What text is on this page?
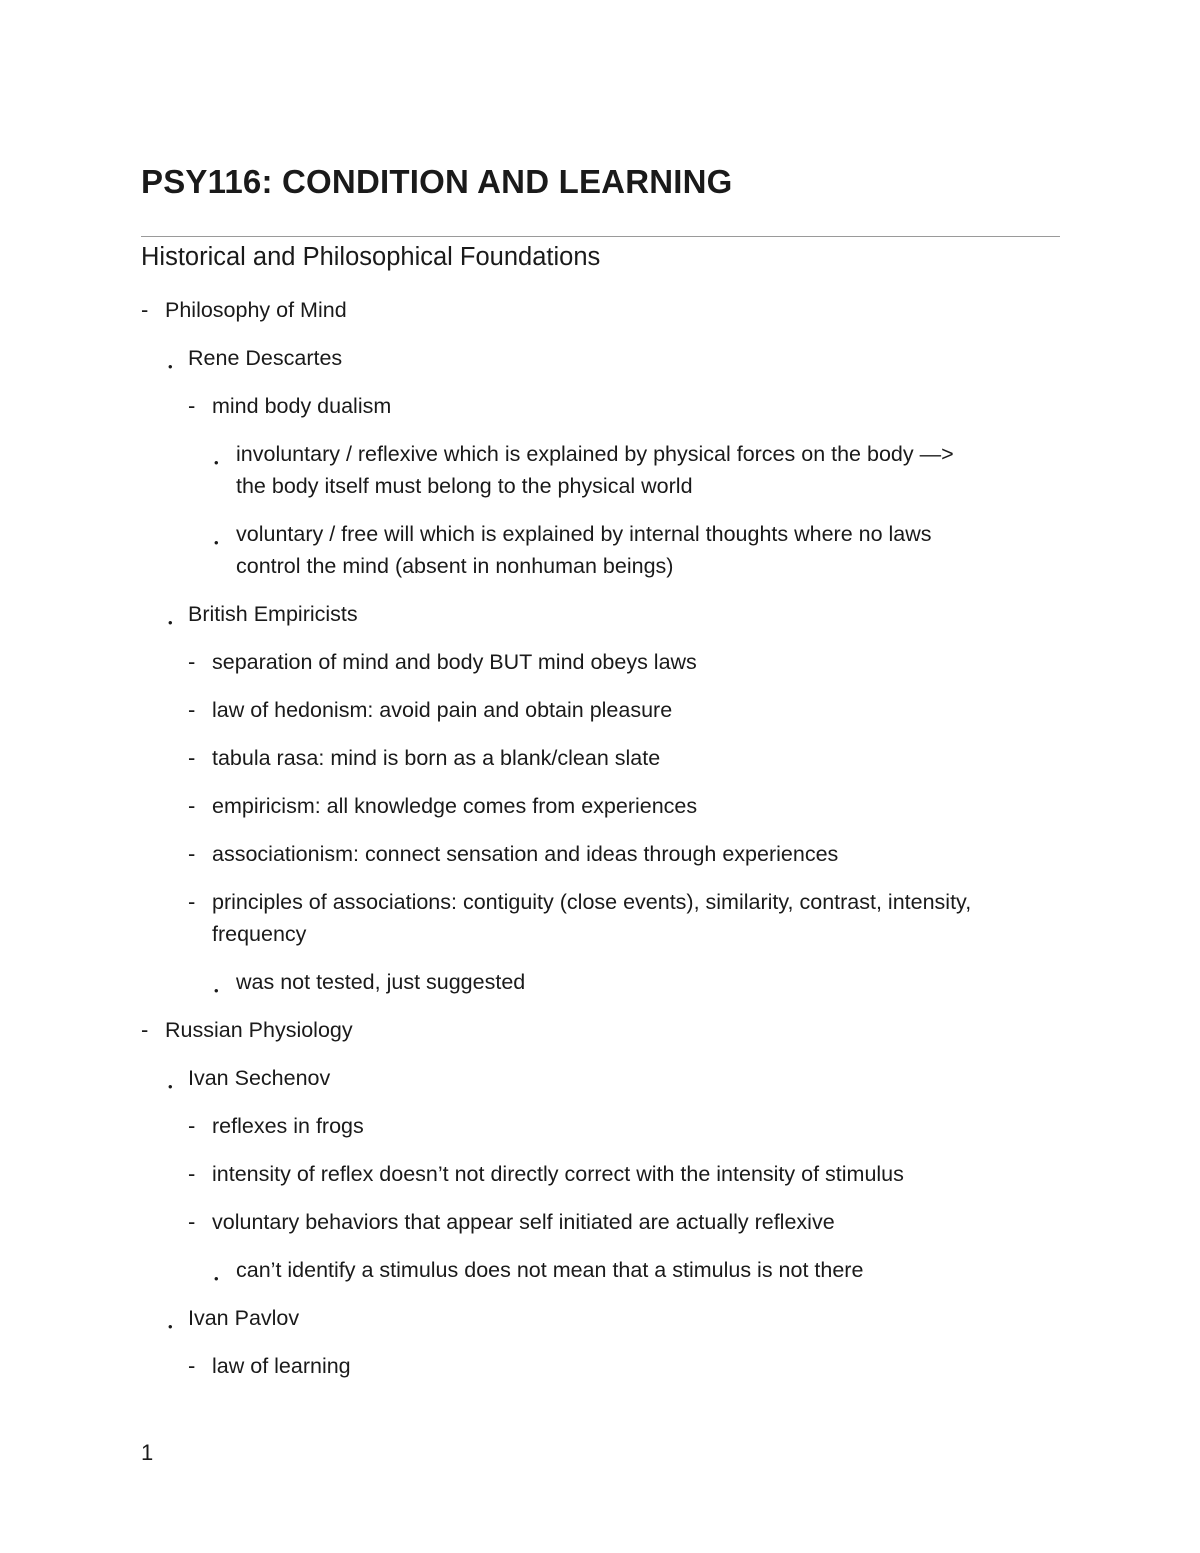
PSY116: CONDITION AND LEARNING
Historical and Philosophical Foundations
- Philosophy of Mind
• Rene Descartes
- mind body dualism
• involuntary / reflexive which is explained by physical forces on the body —>
the body itself must belong to the physical world
• voluntary / free will which is explained by internal thoughts where no laws
control the mind (absent in nonhuman beings)
• British Empiricists
- separation of mind and body BUT mind obeys laws
- law of hedonism: avoid pain and obtain pleasure
- tabula rasa: mind is born as a blank/clean slate
- empiricism: all knowledge comes from experiences
- associationism: connect sensation and ideas through experiences
- principles of associations: contiguity (close events), similarity, contrast, intensity,
frequency
• was not tested, just suggested
- Russian Physiology
• Ivan Sechenov
- reflexes in frogs
- intensity of reflex doesn’t not directly correct with the intensity of stimulus
- voluntary behaviors that appear self initiated are actually reflexive
• can’t identify a stimulus does not mean that a stimulus is not there
• Ivan Pavlov
- law of learning

1
